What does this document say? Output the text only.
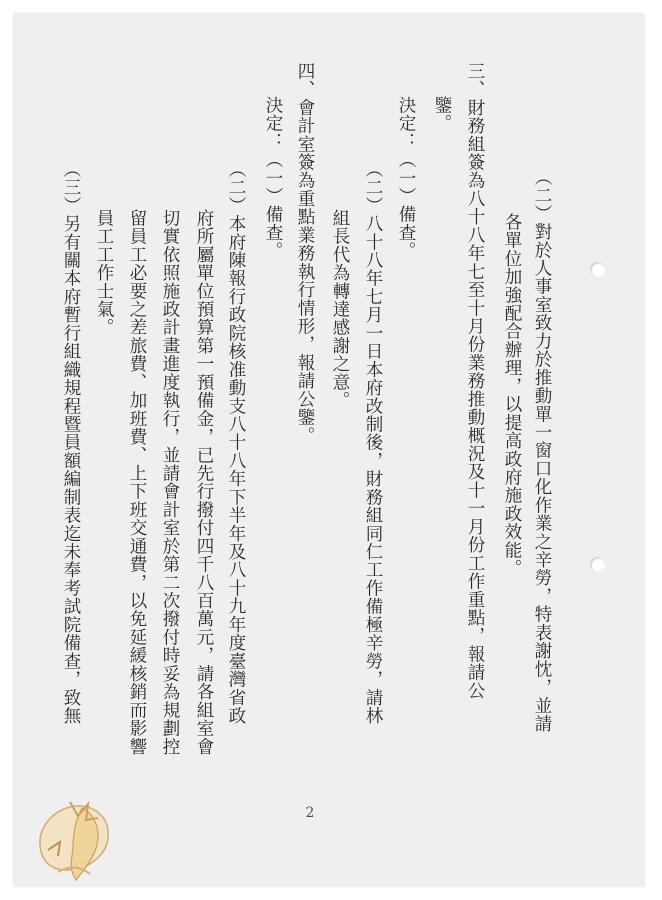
（二）對於人事室致力於推動單一窗口化作業之辛勞，特表謝忱，並請
各單位加強配合辦理，以提高政府施政效能。
三、財務組簽為八十八年七至十月份業務推動概況及十一月份工作重點，報請公
鑒。
決定：（一）備查。
（二）八十八年七月一日本府改制後，財務組同仁工作備極辛勞，請林
組長代為轉達感謝之意。
四、會計室簽為重點業務執行情形，報請公鑒。
決定：（一）備查。
（二）本府陳報行政院核准動支八十八年下半年及八十九年度臺灣省政
府所屬單位預算第一預備金，已先行撥付四千八百萬元，請各組室會
切實依照施政計畫進度執行，並請會計室於第二次撥付時妥為規劃控
留員工必要之差旅費、加班費、上下班交通費，以免延緩核銷而影響
員工工作士氣。
（三）另有關本府暫行組織規程暨員額編制表迄未奉考試院備查，致無
2
